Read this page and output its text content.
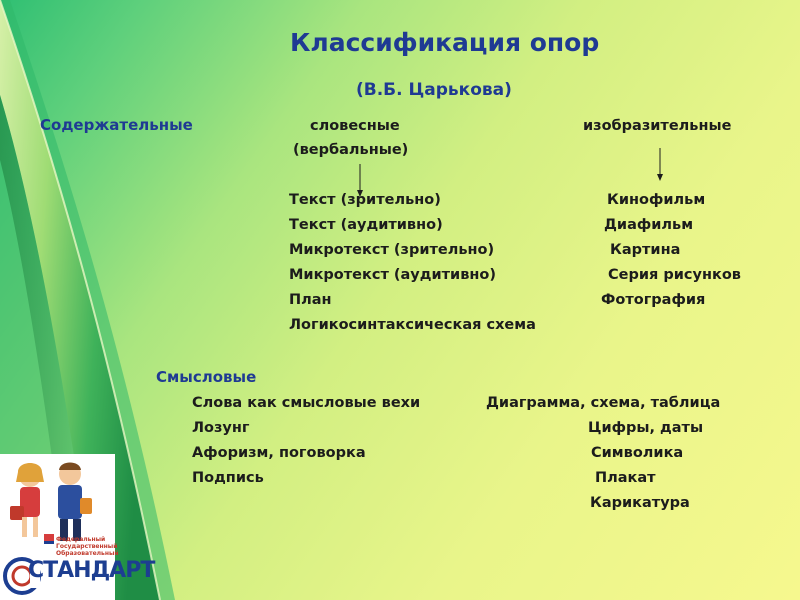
Классификация опор
(В.Б. Царькова)
Содержательные	словесные
(вербальные)
изобразительные
Текст (зрительно)
Текст (аудитивно)
Микротекст (зрительно)
Микротекст (аудитивно)
План
Логикосинтаксическая схема
Кинофильм
Диафильм
Картина
Серия рисунков
Фотография
Смысловые
Слова как смысловые вехи
Лозунг
Афоризм, поговорка
Подпись
Диаграмма, схема, таблица
Цифры, даты
Символика
Плакат
Карикатура
Федеральный Государственный Образовательный
СТАНДАРТ
